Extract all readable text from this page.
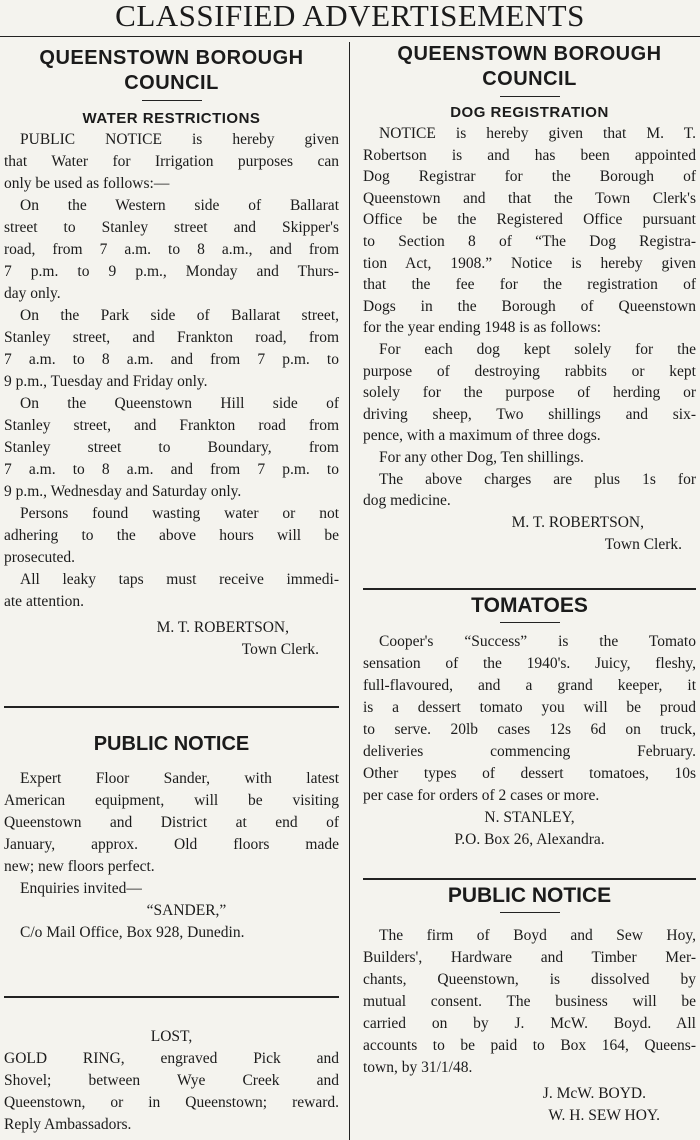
CLASSIFIED ADVERTISEMENTS
QUEENSTOWN BOROUGH
COUNCIL
WATER RESTRICTIONS
PUBLIC NOTICE is hereby given
that Water for Irrigation purposes can
only be used as follows:—
On the Western side of Ballarat
street to Stanley street and Skipper's
road, from 7 a.m. to 8 a.m., and from
7 p.m. to 9 p.m., Monday and Thurs-
day only.
On the Park side of Ballarat street,
Stanley street, and Frankton road, from
7 a.m. to 8 a.m. and from 7 p.m. to
9 p.m., Tuesday and Friday only.
On the Queenstown Hill side of
Stanley street, and Frankton road from
Stanley street to Boundary, from
7 a.m. to 8 a.m. and from 7 p.m. to
9 p.m., Wednesday and Saturday only.
Persons found wasting water or not
adhering to the above hours will be
prosecuted.
All leaky taps must receive immedi-
ate attention.
M. T. ROBERTSON,
Town Clerk.
PUBLIC NOTICE
Expert Floor Sander, with latest
American equipment, will be visiting
Queenstown and District at end of
January, approx. Old floors made
new; new floors perfect.
Enquiries invited—
“SANDER,”
C/o Mail Office, Box 928, Dunedin.
LOST,
GOLD RING, engraved Pick and
Shovel; between Wye Creek and
Queenstown, or in Queenstown; reward.
Reply Ambassadors.
QUEENSTOWN BOROUGH
COUNCIL
DOG REGISTRATION
NOTICE is hereby given that M. T.
Robertson is and has been appointed
Dog Registrar for the Borough of
Queenstown and that the Town Clerk's
Office be the Registered Office pursuant
to Section 8 of “The Dog Registra-
tion Act, 1908.” Notice is hereby given
that the fee for the registration of
Dogs in the Borough of Queenstown
for the year ending 1948 is as follows:
For each dog kept solely for the
purpose of destroying rabbits or kept
solely for the purpose of herding or
driving sheep, Two shillings and six-
pence, with a maximum of three dogs.
For any other Dog, Ten shillings.
The above charges are plus 1s for
dog medicine.
M. T. ROBERTSON,
Town Clerk.
TOMATOES
Cooper's “Success” is the Tomato
sensation of the 1940's. Juicy, fleshy,
full-flavoured, and a grand keeper, it
is a dessert tomato you will be proud
to serve. 20lb cases 12s 6d on truck,
deliveries commencing February.
Other types of dessert tomatoes, 10s
per case for orders of 2 cases or more.
N. STANLEY,
P.O. Box 26, Alexandra.
PUBLIC NOTICE
The firm of Boyd and Sew Hoy,
Builders', Hardware and Timber Mer-
chants, Queenstown, is dissolved by
mutual consent. The business will be
carried on by J. McW. Boyd. All
accounts to be paid to Box 164, Queens-
town, by 31/1/48.
J. McW. BOYD.
W. H. SEW HOY.
